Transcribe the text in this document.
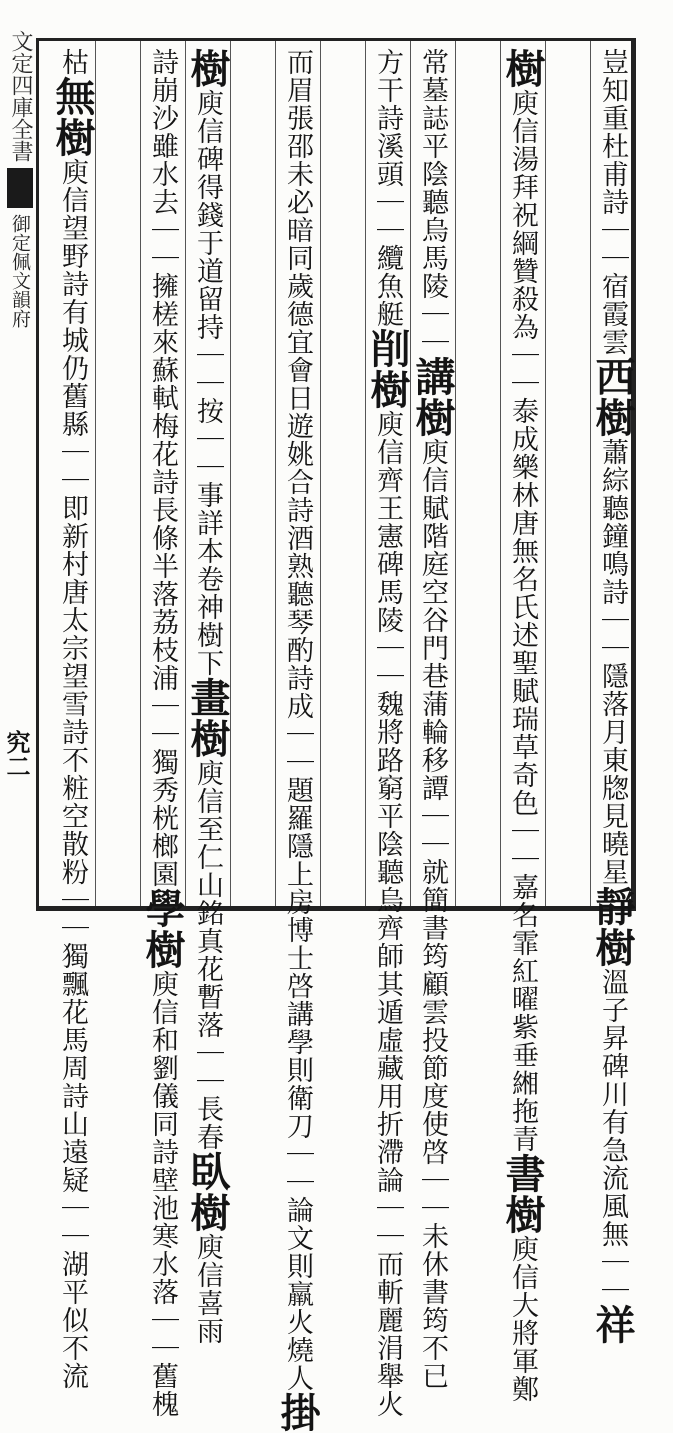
文定四庫全書御定佩文韻府
究二
豈知重杜甫詩｜｜宿霞雲西樹蕭綜聽鐘鳴詩｜｜隱落月東牎見曉星靜樹溫子昇碑川有急流風無｜｜祥
樹庾信湯拜祝綱贊殺為｜｜泰成樂林唐無名氏述聖賦瑞草奇色｜｜嘉名霏紅曜紫垂緗拖青書樹庾信大將軍鄭
常墓誌平陰聽烏馬陵｜｜講樹庾信賦階庭空谷門巷蒲輪移譚｜｜就簡書筠顧雲投節度使啓｜｜未休書筠不已
方干詩溪頭｜｜纜魚艇削樹庾信齊王憲碑馬陵｜｜魏將路窮平陰聽烏齊師其遁虛藏用折滯論｜｜而斬麗涓舉火
而眉張邵未必暗同歲德宜會日遊姚合詩酒熟聽琴酌詩成｜｜題羅隱上房博士啓講學則衛刀｜｜論文則羸火燒人掛
樹庾信碑得錢于道留持｜｜按｜｜事詳本卷神樹下畫樹庾信至仁山銘真花暫落｜｜長春臥樹庾信喜雨
詩崩沙雖水去｜｜擁槎來蘇軾梅花詩長條半落荔枝浦｜｜獨秀桄榔園學樹庾信和劉儀同詩壁池寒水落｜｜舊槐
枯無樹庾信望野詩有城仍舊縣｜｜即新村唐太宗望雪詩不粧空散粉｜｜獨飄花馬周詩山遠疑｜｜湖平似不流
